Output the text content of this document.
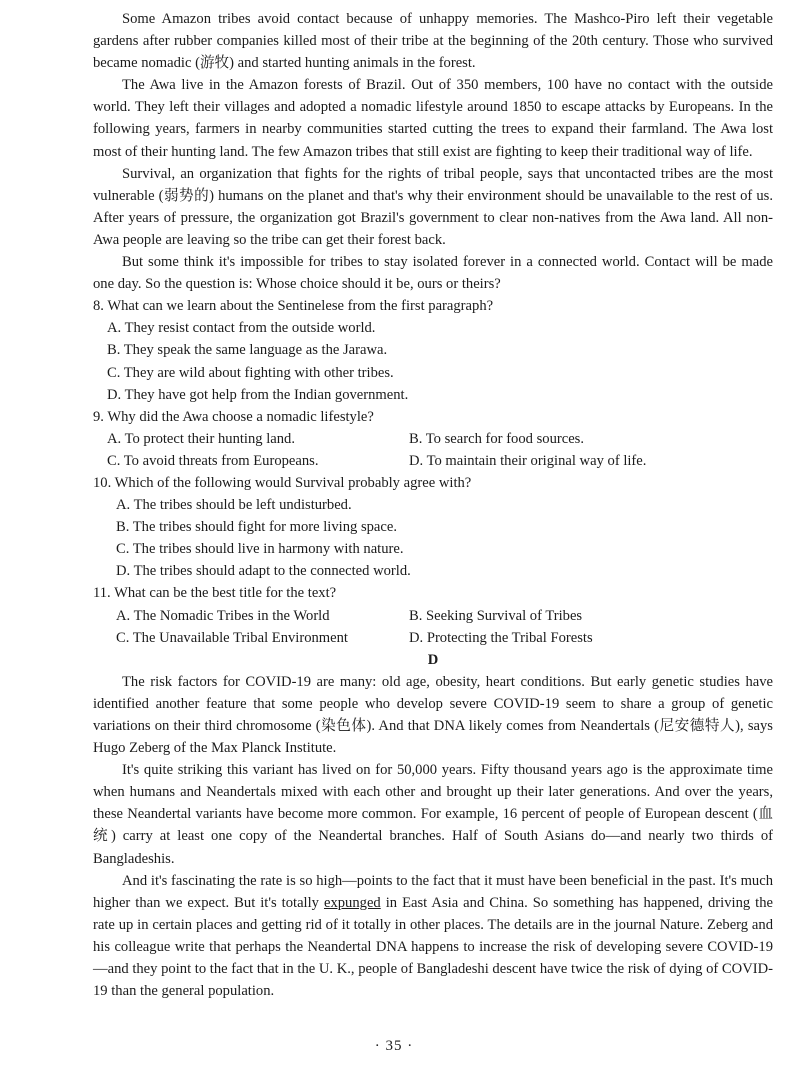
Some Amazon tribes avoid contact because of unhappy memories. The Mashco-Piro left their vegetable gardens after rubber companies killed most of their tribe at the beginning of the 20th century. Those who survived became nomadic (游牧) and started hunting animals in the forest.

The Awa live in the Amazon forests of Brazil. Out of 350 members, 100 have no contact with the outside world. They left their villages and adopted a nomadic lifestyle around 1850 to escape attacks by Europeans. In the following years, farmers in nearby communities started cutting the trees to expand their farmland. The Awa lost most of their hunting land. The few Amazon tribes that still exist are fighting to keep their traditional way of life.

Survival, an organization that fights for the rights of tribal people, says that uncontacted tribes are the most vulnerable (弱势的) humans on the planet and that's why their environment should be unavailable to the rest of us. After years of pressure, the organization got Brazil's government to clear non-natives from the Awa land. All non-Awa people are leaving so the tribe can get their forest back.

But some think it's impossible for tribes to stay isolated forever in a connected world. Contact will be made one day. So the question is: Whose choice should it be, ours or theirs?

8. What can we learn about the Sentinelese from the first paragraph?

A. They resist contact from the outside world.

B. They speak the same language as the Jarawa.

C. They are wild about fighting with other tribes.

D. They have got help from the Indian government.

9. Why did the Awa choose a nomadic lifestyle?

A. To protect their hunting land.	B. To search for food sources.

C. To avoid threats from Europeans.	D. To maintain their original way of life.

10. Which of the following would Survival probably agree with?

A. The tribes should be left undisturbed.

B. The tribes should fight for more living space.

C. The tribes should live in harmony with nature.

D. The tribes should adapt to the connected world.

11. What can be the best title for the text?

A. The Nomadic Tribes in the World	B. Seeking Survival of Tribes

C. The Unavailable Tribal Environment	D. Protecting the Tribal Forests

D

The risk factors for COVID-19 are many: old age, obesity, heart conditions. But early genetic studies have identified another feature that some people who develop severe COVID-19 seem to share a group of genetic variations on their third chromosome (染色体). And that DNA likely comes from Neandertals (尼安德特人), says Hugo Zeberg of the Max Planck Institute.

It's quite striking this variant has lived on for 50,000 years. Fifty thousand years ago is the approximate time when humans and Neandertals mixed with each other and brought up their later generations. And over the years, these Neandertal variants have become more common. For example, 16 percent of people of European descent (血统) carry at least one copy of the Neandertal branches. Half of South Asians do—and nearly two thirds of Bangladeshis.

And it's fascinating the rate is so high—points to the fact that it must have been beneficial in the past. It's much higher than we expect. But it's totally expunged in East Asia and China. So something has happened, driving the rate up in certain places and getting rid of it totally in other places. The details are in the journal Nature. Zeberg and his colleague write that perhaps the Neandertal DNA happens to increase the risk of developing severe COVID-19—and they point to the fact that in the U. K., people of Bangladeshi descent have twice the risk of dying of COVID-19 than the general population.

· 35 ·
